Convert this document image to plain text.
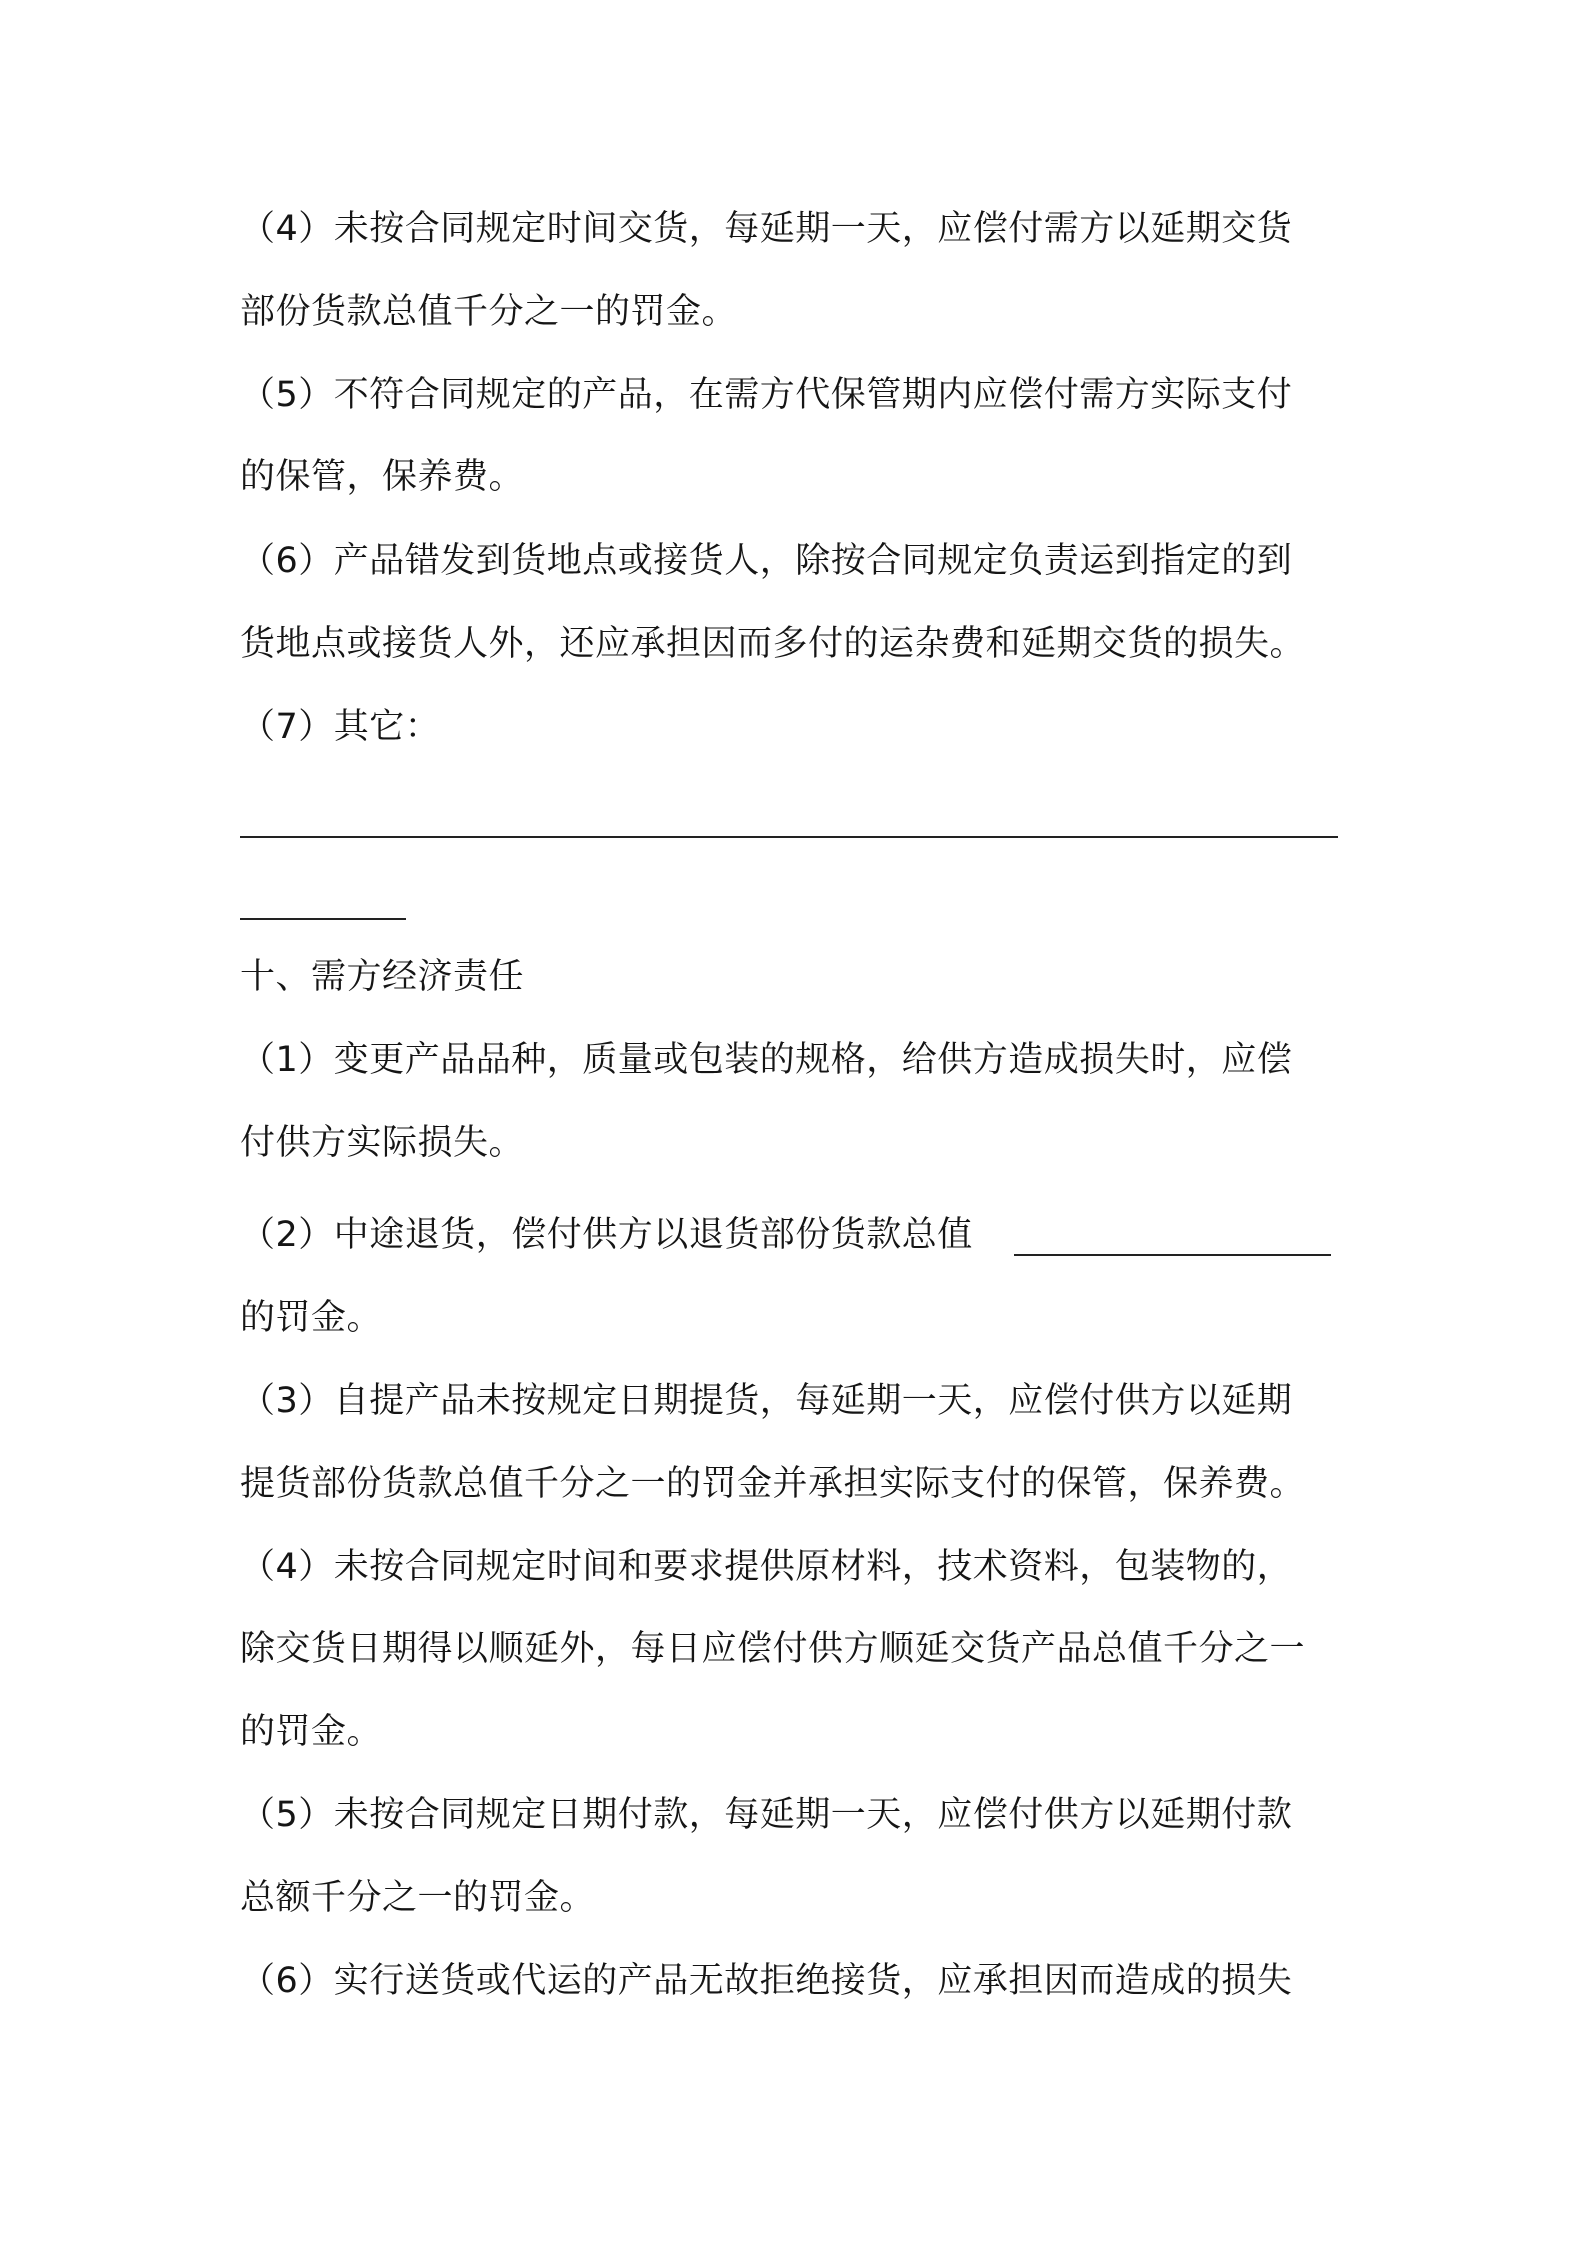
（4）未按合同规定时间交货，每延期一天，应偿付需方以延期交货

部份货款总值千分之一的罚金。

（5）不符合同规定的产品，在需方代保管期内应偿付需方实际支付

的保管，保养费。

（6）产品错发到货地点或接货人，除按合同规定负责运到指定的到

货地点或接货人外，还应承担因而多付的运杂费和延期交货的损失。

（7）其它：

十、需方经济责任

（1）变更产品品种，质量或包装的规格，给供方造成损失时，应偿

付供方实际损失。

（2）中途退货，偿付供方以退货部份货款总值

的罚金。

（3）自提产品未按规定日期提货，每延期一天，应偿付供方以延期

提货部份货款总值千分之一的罚金并承担实际支付的保管，保养费。

（4）未按合同规定时间和要求提供原材料，技术资料，包装物的，

除交货日期得以顺延外，每日应偿付供方顺延交货产品总值千分之一

的罚金。

（5）未按合同规定日期付款，每延期一天，应偿付供方以延期付款

总额千分之一的罚金。

（6）实行送货或代运的产品无故拒绝接货，应承担因而造成的损失
